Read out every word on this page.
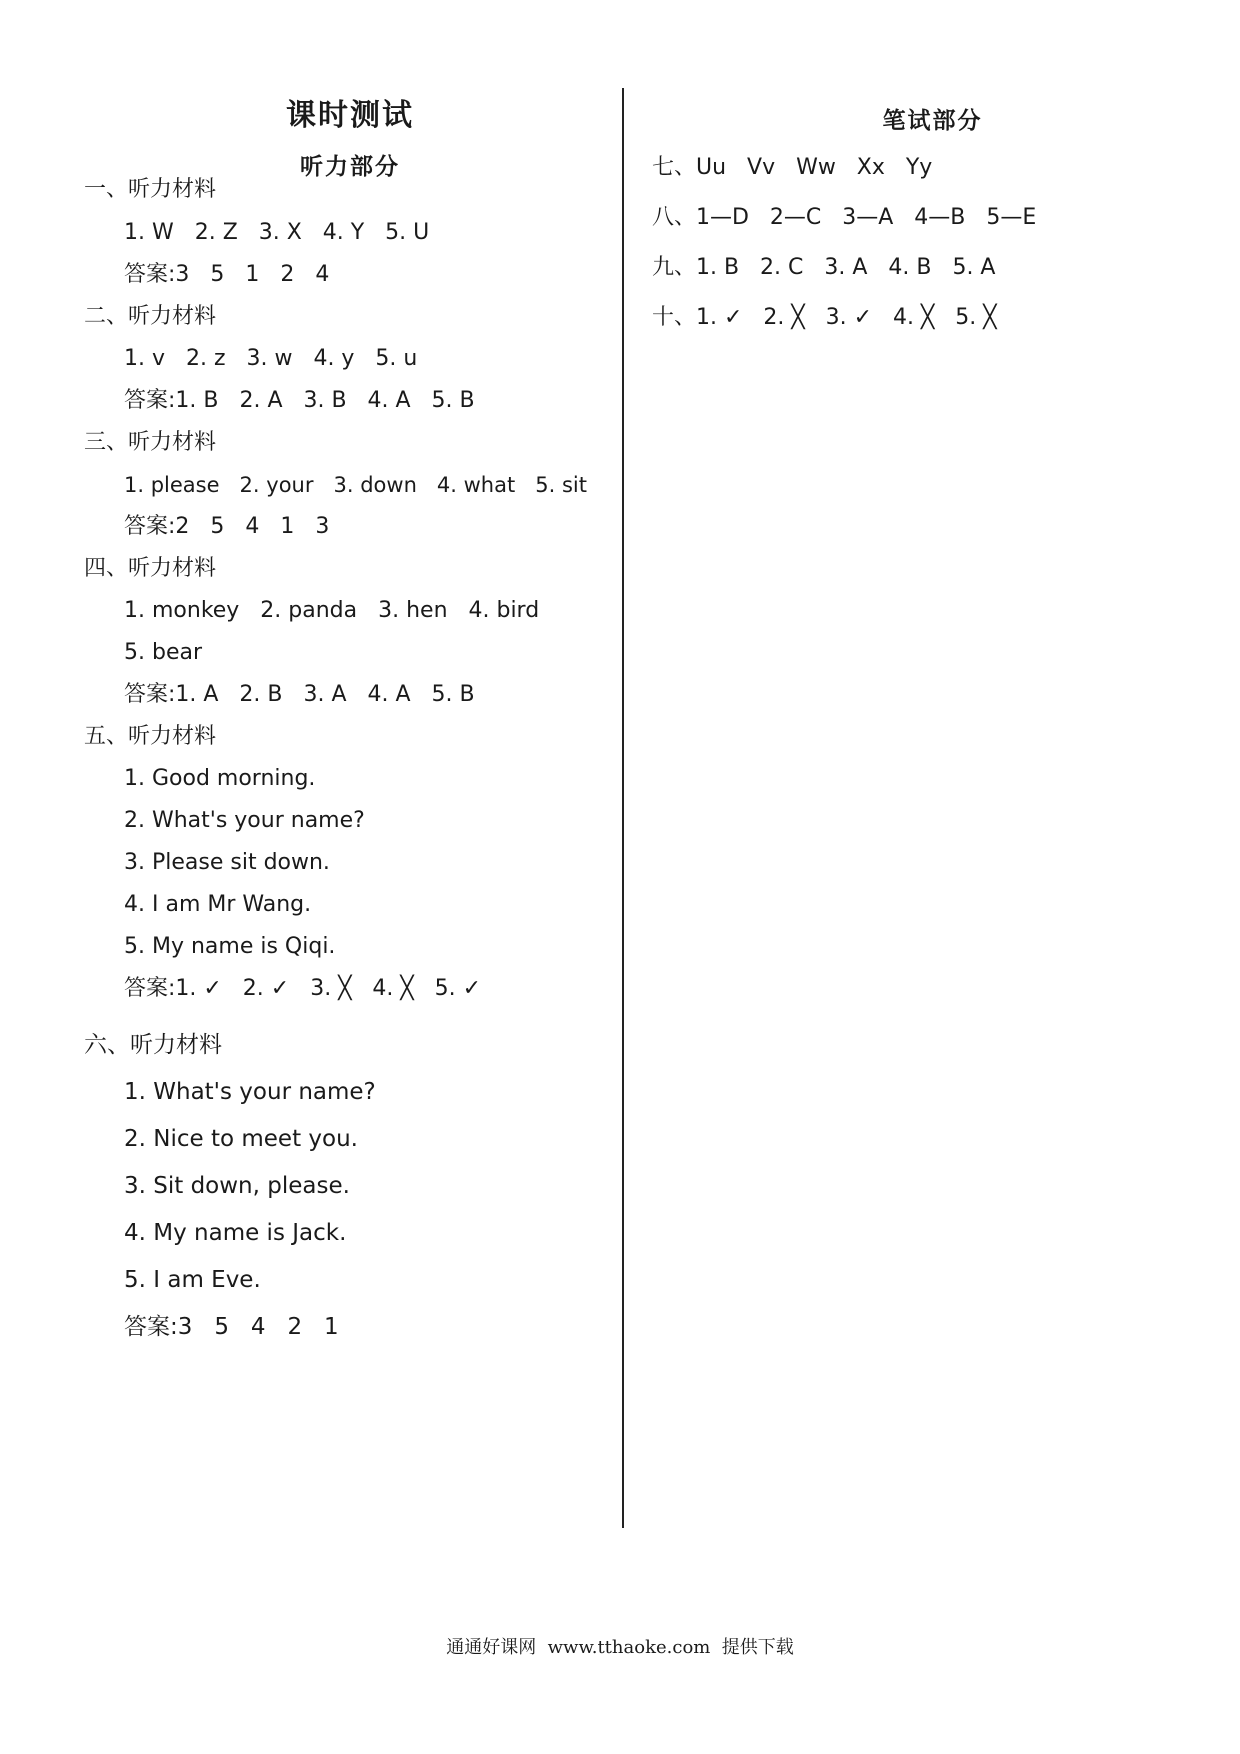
课时测试
听力部分
笔试部分
一、听力材料
1. W   2. Z   3. X   4. Y   5. U
答案:3   5   1   2   4
二、听力材料
1. v   2. z   3. w   4. y   5. u
答案:1. B   2. A   3. B   4. A   5. B
三、听力材料
1. please   2. your   3. down   4. what   5. sit
答案:2   5   4   1   3
四、听力材料
1. monkey   2. panda   3. hen   4. bird
5. bear
答案:1. A   2. B   3. A   4. A   5. B
五、听力材料
1. Good morning.
2. What's your name?
3. Please sit down.
4. I am Mr Wang.
5. My name is Qiqi.
答案:1. ✓   2. ✓   3. ╳   4. ╳   5. ✓
六、听力材料
1. What's your name?
2. Nice to meet you.
3. Sit down, please.
4. My name is Jack.
5. I am Eve.
答案:3   5   4   2   1
七、Uu   Vv   Ww   Xx   Yy
八、1—D   2—C   3—A   4—B   5—E
九、1. B   2. C   3. A   4. B   5. A
十、1. ✓   2. ╳   3. ✓   4. ╳   5. ╳
通通好课网  www.tthaoke.com  提供下载
